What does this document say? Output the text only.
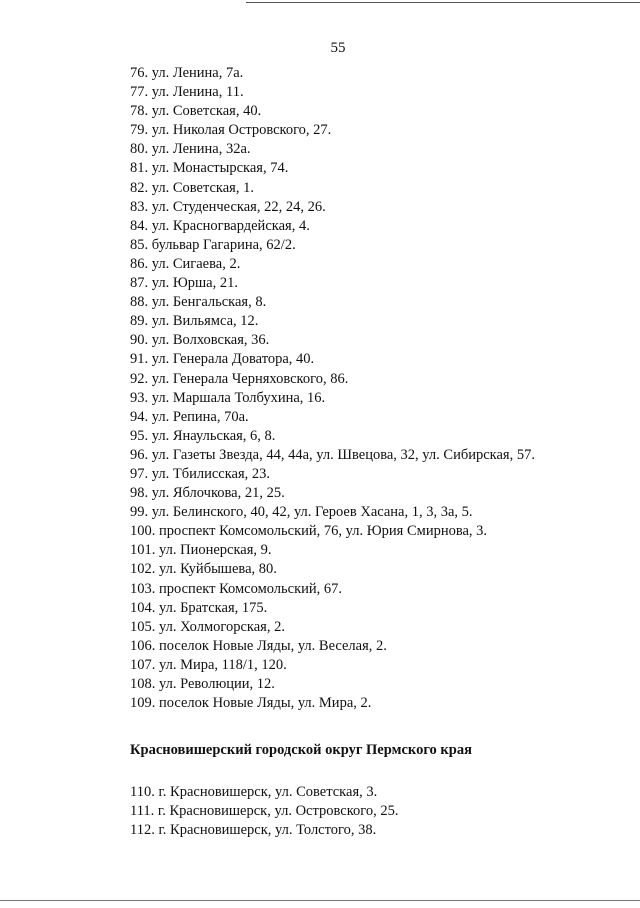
55
76. ул. Ленина, 7а.
77. ул. Ленина, 11.
78. ул. Советская, 40.
79. ул. Николая Островского, 27.
80. ул. Ленина, 32а.
81. ул. Монастырская, 74.
82. ул. Советская, 1.
83. ул. Студенческая, 22, 24, 26.
84. ул. Красногвардейская, 4.
85. бульвар Гагарина, 62/2.
86. ул. Сигаева, 2.
87. ул. Юрша, 21.
88. ул. Бенгальская, 8.
89. ул. Вильямса, 12.
90. ул. Волховская, 36.
91. ул. Генерала Доватора, 40.
92. ул. Генерала Черняховского, 86.
93. ул. Маршала Толбухина, 16.
94. ул. Репина, 70а.
95. ул. Янаульская, 6, 8.
96. ул. Газеты Звезда, 44, 44а, ул. Швецова, 32, ул. Сибирская, 57.
97. ул. Тбилисская, 23.
98. ул. Яблочкова, 21, 25.
99. ул. Белинского, 40, 42, ул. Героев Хасана, 1, 3, 3а, 5.
100. проспект Комсомольский, 76, ул. Юрия Смирнова, 3.
101. ул. Пионерская, 9.
102. ул. Куйбышева, 80.
103. проспект Комсомольский, 67.
104. ул. Братская, 175.
105. ул. Холмогорская, 2.
106. поселок Новые Ляды, ул. Веселая, 2.
107. ул. Мира, 118/1, 120.
108. ул. Революции, 12.
109. поселок Новые Ляды, ул. Мира, 2.
Красновишерский городской округ Пермского края
110. г. Красновишерск, ул. Советская, 3.
111. г. Красновишерск, ул. Островского, 25.
112. г. Красновишерск, ул. Толстого, 38.
